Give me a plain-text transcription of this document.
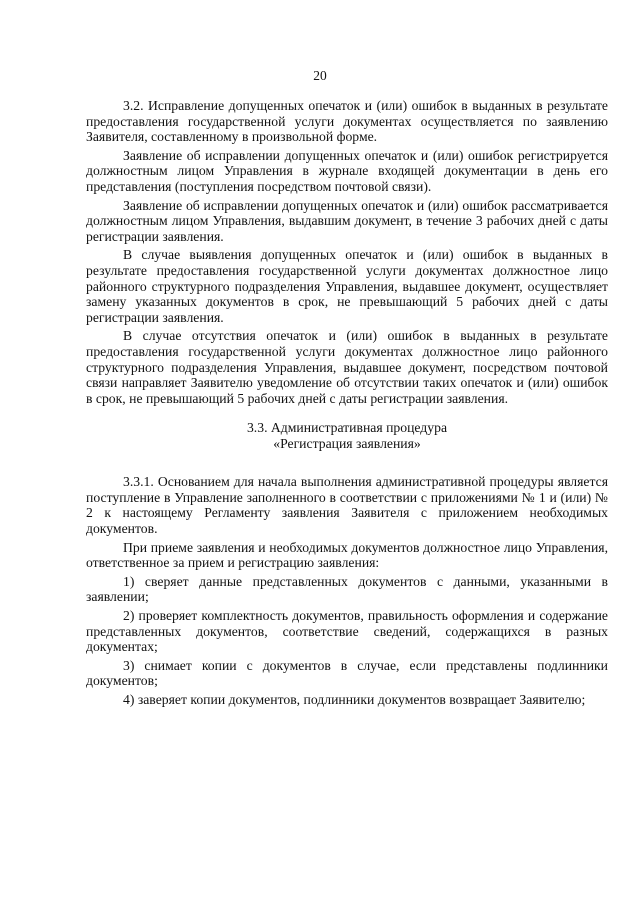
20

3.2. Исправление допущенных опечаток и (или) ошибок в выданных в результате предоставления государственной услуги документах осуществляется по заявлению Заявителя, составленному в произвольной форме.

Заявление об исправлении допущенных опечаток и (или) ошибок регистрируется должностным лицом Управления в журнале входящей документации в день его представления (поступления посредством почтовой связи).

Заявление об исправлении допущенных опечаток и (или) ошибок рассматривается должностным лицом Управления, выдавшим документ, в течение 3 рабочих дней с даты регистрации заявления.

В случае выявления допущенных опечаток и (или) ошибок в выданных в результате предоставления государственной услуги документах должностное лицо районного структурного подразделения Управления, выдавшее документ, осуществляет замену указанных документов в срок, не превышающий 5 рабочих дней с даты регистрации заявления.

В случае отсутствия опечаток и (или) ошибок в выданных в результате предоставления государственной услуги документах должностное лицо районного структурного подразделения Управления, выдавшее документ, посредством почтовой связи направляет Заявителю уведомление об отсутствии таких опечаток и (или) ошибок в срок, не превышающий 5 рабочих дней с даты регистрации заявления.

3.3. Административная процедура
«Регистрация заявления»

3.3.1. Основанием для начала выполнения административной процедуры является поступление в Управление заполненного в соответствии с приложениями № 1 и (или) № 2 к настоящему Регламенту заявления Заявителя с приложением необходимых документов.

При приеме заявления и необходимых документов должностное лицо Управления, ответственное за прием и регистрацию заявления:

1) сверяет данные представленных документов с данными, указанными в заявлении;

2) проверяет комплектность документов, правильность оформления и содержание представленных документов, соответствие сведений, содержащихся в разных документах;

3) снимает копии с документов в случае, если представлены подлинники документов;

4) заверяет копии документов, подлинники документов возвращает Заявителю;
